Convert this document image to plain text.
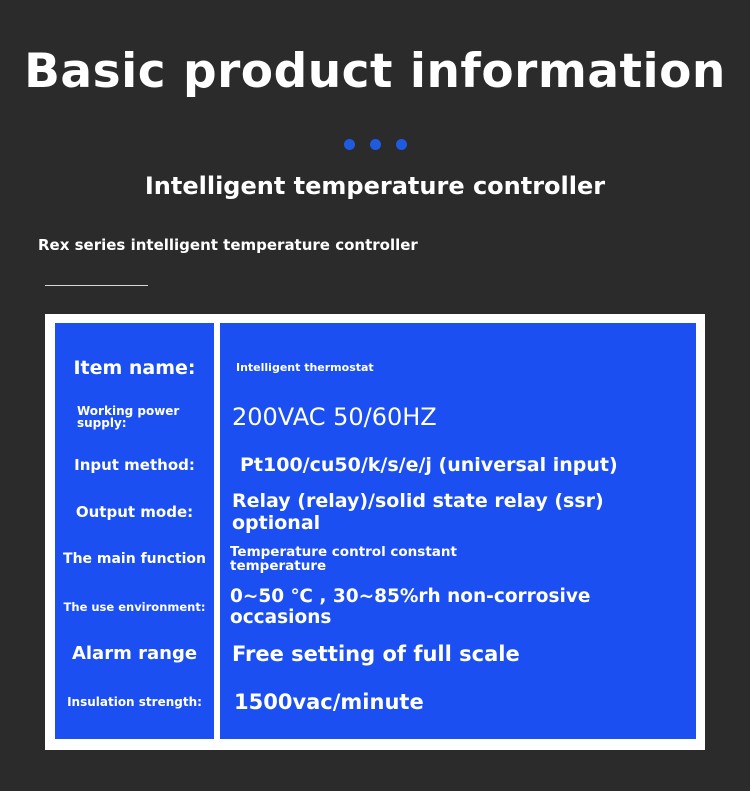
Basic product information
Intelligent temperature controller

Rex series intelligent temperature controller

Item name:
Working power supply:
Input method:
Output mode:
The main function
The use environment:
Alarm range
Insulation strength:
Intelligent thermostat
200VAC 50/60HZ
Pt100/cu50/k/s/e/j (universal input)
Relay (relay)/solid state relay (ssr) optional
Temperature control constant temperature
0~50 ℃ , 30~85%rh non-corrosive occasions
Free setting of full scale
1500vac/minute
